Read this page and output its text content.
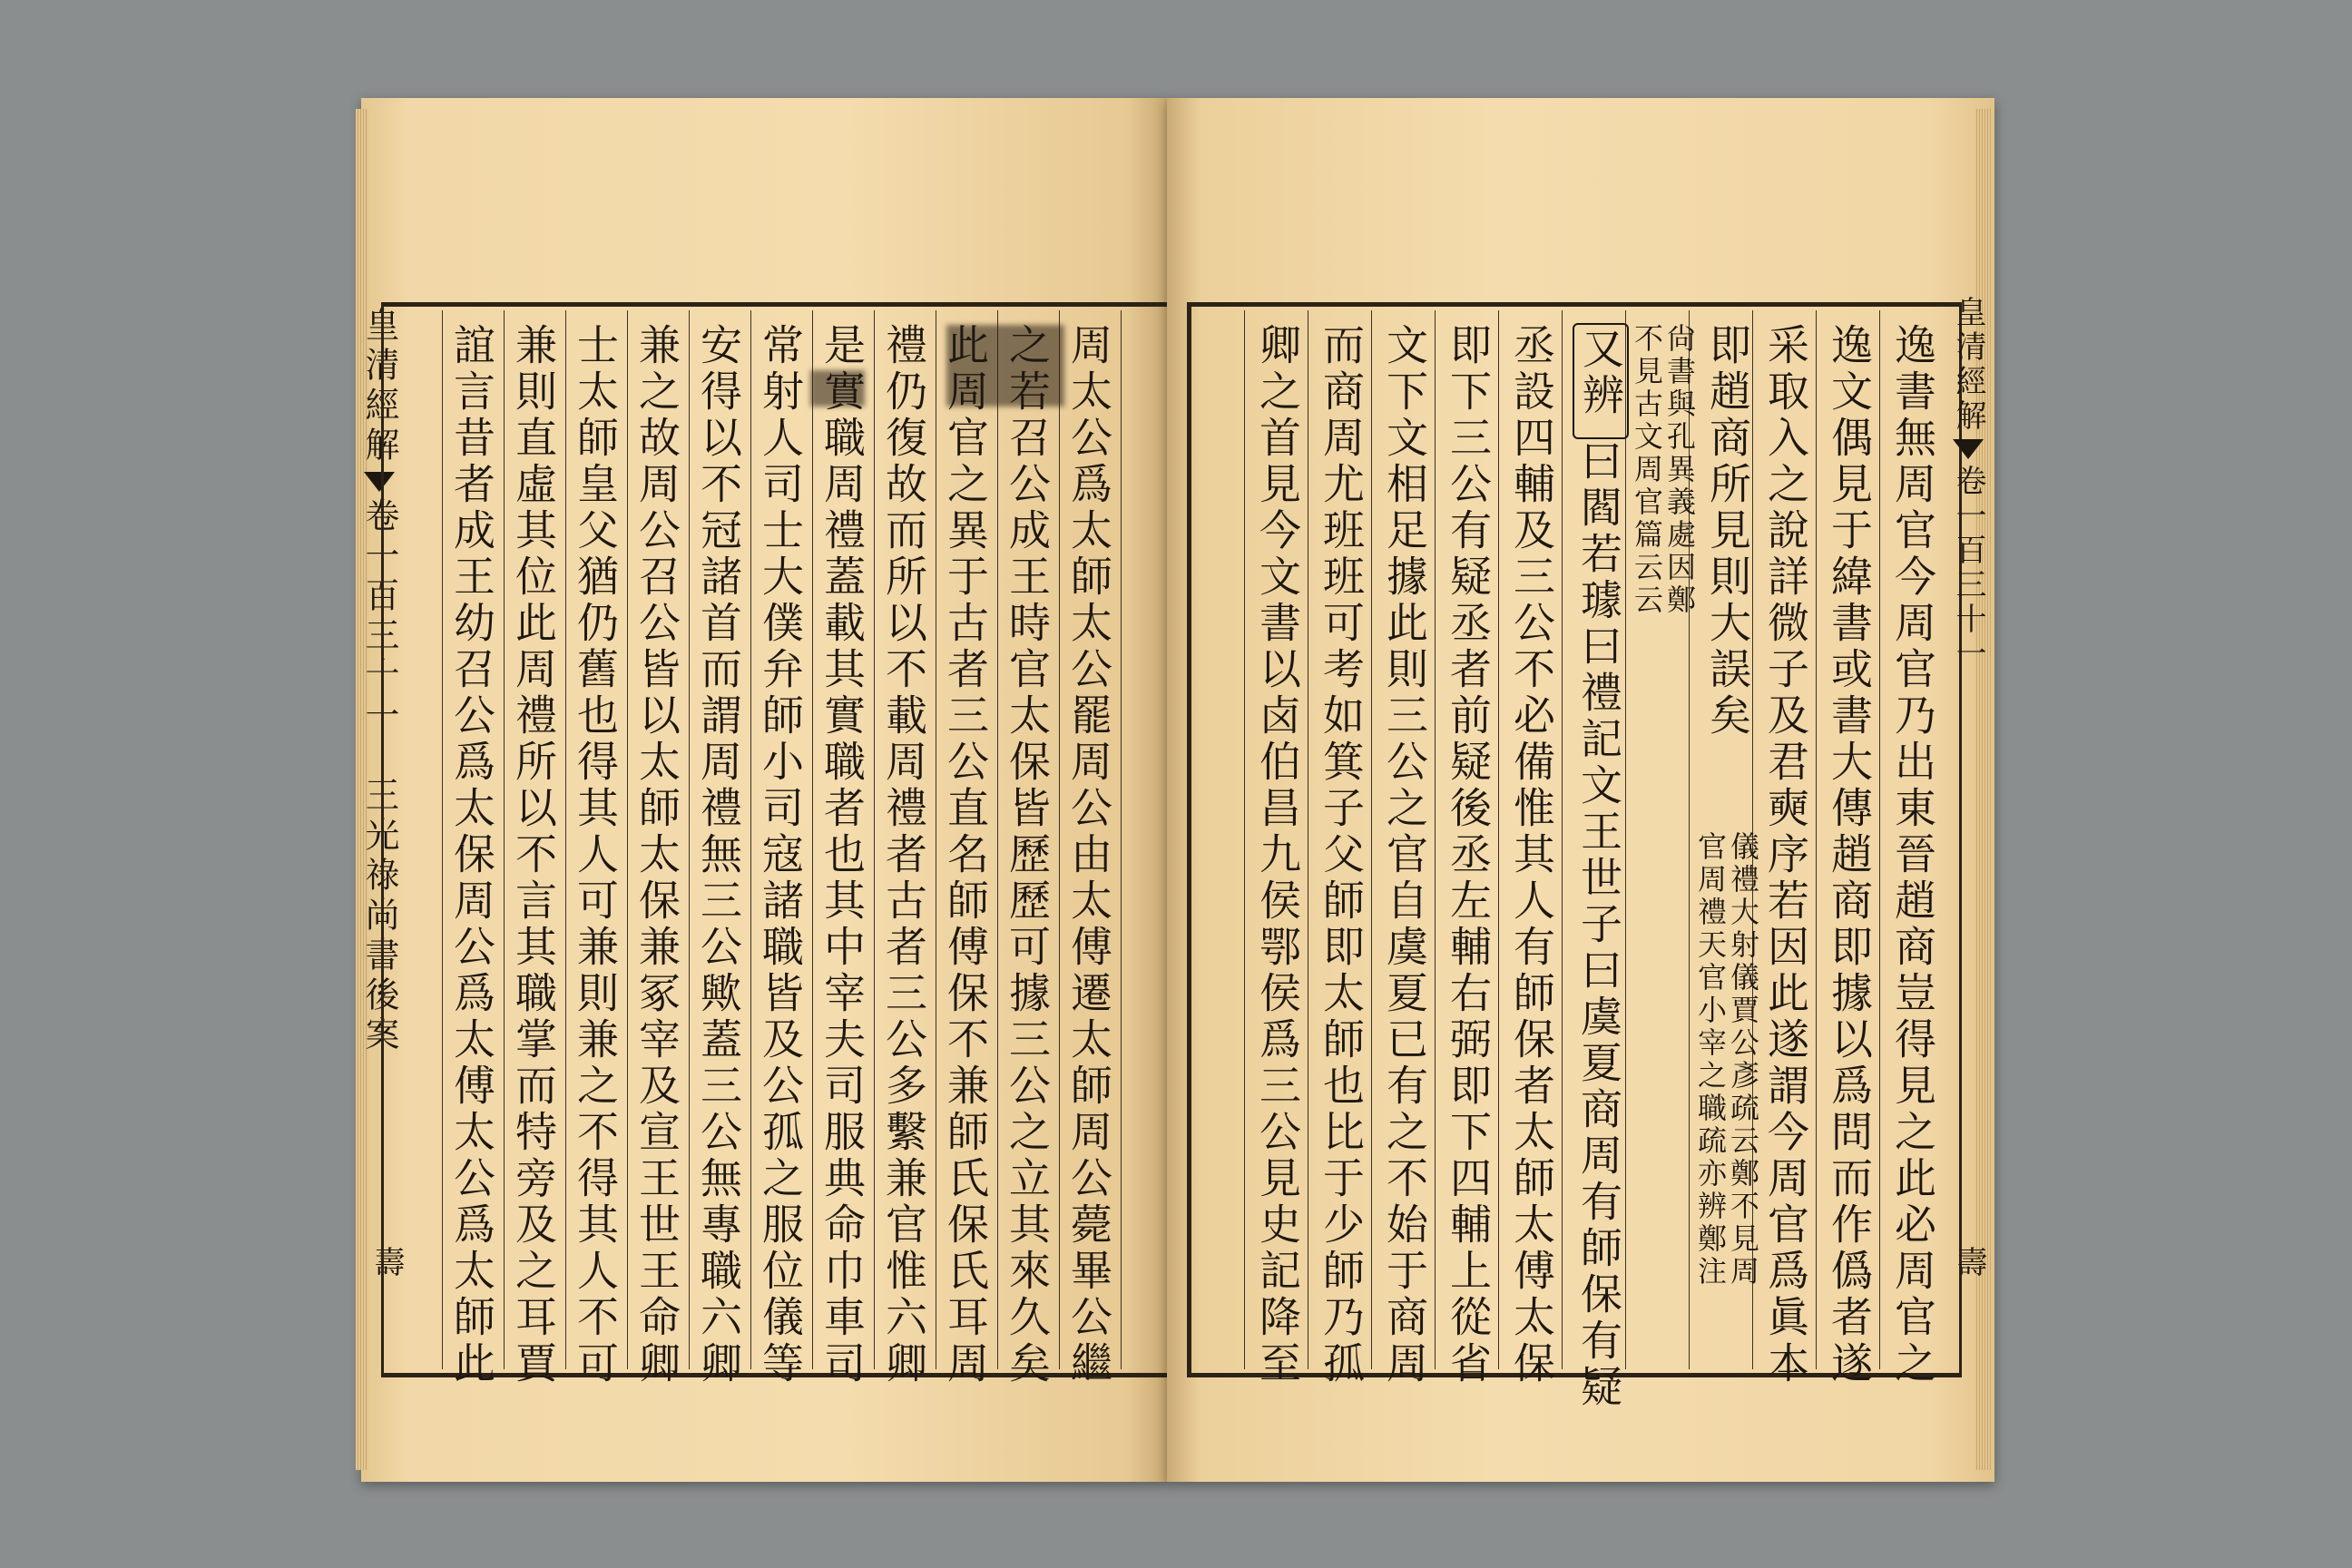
皇清經解卷一百三十一　王光祿尚書後案
壽	周太公爲太師太公罷周公由太傅遷太師周公薨畢公繼
之若召公成王時官太保皆歷歷可據三公之立其來久矣
此周官之異于古者三公直名師傅保不兼師氏保氏耳周
禮仍復故而所以不載周禮者古者三公多繫兼官惟六卿
是實職周禮蓋載其實職者也其中宰夫司服典命巾車司
常射人司士大僕弁師小司寇諸職皆及公孤之服位儀等
安得以不冠諸首而謂周禮無三公歟蓋三公無專職六卿
兼之故周公召公皆以太師太保兼冢宰及宣王世王命卿
士太師皇父猶仍舊也得其人可兼則兼之不得其人不可
兼則直虛其位此周禮所以不言其職掌而特旁及之耳賈
誼言昔者成王幼召公爲太保周公爲太傅太公爲太師此	逸書無周官今周官乃出東晉趙商豈得見之此必周官之
逸文偶見于緯書或書大傳趙商即據以爲問而作僞者遂
采取入之說詳微子及君奭序若因此遂謂今周官爲眞本
即趙商所見則大誤矣
儀禮大射儀賈公彥疏云鄭不見周
官周禮天官小宰之職疏亦辨鄭注
尙書與孔異義處因鄭
不見古文周官篇云云
又辨
曰閻若璩曰禮記文王世子曰虞夏商周有師保有疑
丞設四輔及三公不必備惟其人有師保者太師太傅太保
即下三公有疑丞者前疑後丞左輔右弼即下四輔上從省
文下文相足據此則三公之官自虞夏已有之不始于商周
而商周尤班班可考如箕子父師即太師也比于少師乃孤
卿之首見今文書以卤伯昌九侯鄂侯爲三公見史記降至	皇清經解卷一百三十一
壽
